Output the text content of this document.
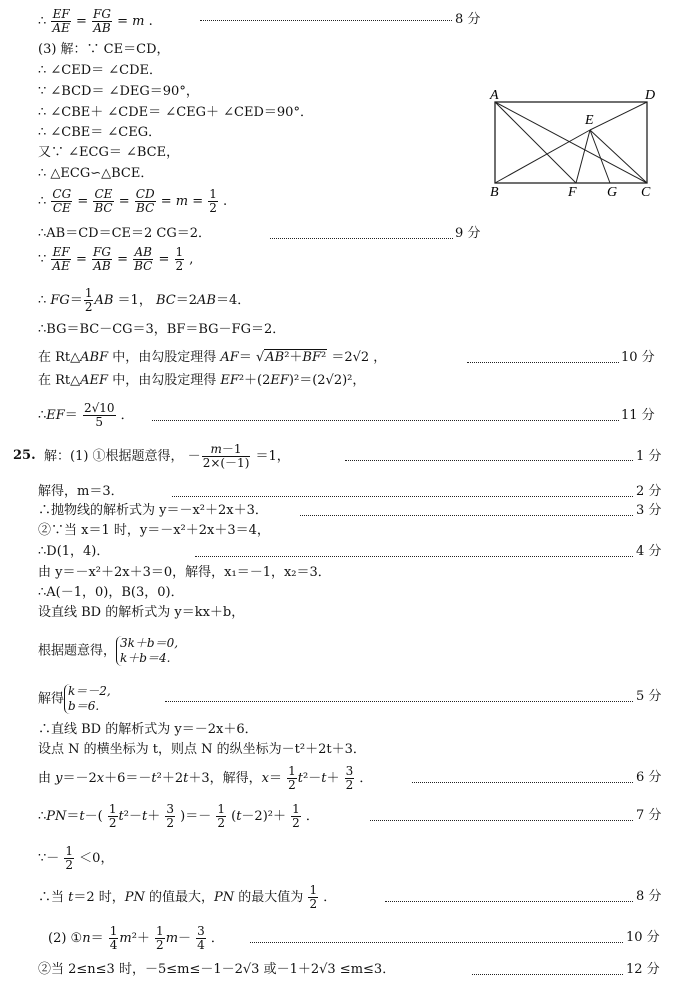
∴ $\frac{EF}{AE} = \frac{FG}{AB} = m$ .	8 分
(3) 解：∵ CE＝CD，
∴ ∠CED＝ ∠CDE．
∵ ∠BCD＝ ∠DEG＝90°，
∴ ∠CBE＋ ∠CDE＝ ∠CEG＋ ∠CED＝90°．
∴ ∠CBE＝ ∠CEG．
又∵ ∠ECG＝ ∠BCE，
∴ △ECG∽△BCE．
A	D
E
B	F G C
∴ $\frac{CG}{CE} = \frac{CE}{BC} = \frac{CD}{BC} = m = \frac{1}{2}$ .
∴AB＝CD＝CE＝2 CG＝2．	9 分
∵ $\frac{EF}{AE} = \frac{FG}{AB} = \frac{AB}{BC} = \frac{1}{2}$ ,
∴ $FG= \frac{1}{2}$ AB ＝1， BC＝2AB＝4．
∴BG＝BC－CG＝3，BF＝BG－FG＝2．
在 Rt△ABF 中，由勾股定理得 AF＝ √AB²＋BF² ＝2√2 ，	10 分
在 Rt△AEF 中，由勾股定理得 EF²＋(2EF)²＝(2√2)²，
∴EF＝ $\frac{2√10}{5}$ ．	11 分
25. 解：(1) ①根据题意得， － $\frac{m-1}{2\times(-1)} =1$，	1 分
解得，m＝3．	2 分
∴抛物线的解析式为 y＝－x²＋2x＋3．	3 分
②∵当 x＝1 时，y＝－x²＋2x＋3＝4，
∴D(1，4)．	4 分
由 y＝－x²＋2x＋3＝0，解得，x₁＝－1，x₂＝3．
∴A(－1，0)，B(3，0)．
设直线 BD 的解析式为 y＝kx＋b，
根据题意得，3k＋b＝0,
k＋b＝4.
解得k＝－2,
b＝6.
5 分
∴直线 BD 的解析式为 y＝－2x＋6．
设点 N 的横坐标为 t，则点 N 的纵坐标为－t²＋2t＋3．
由 y＝－2x＋6＝－t²＋2t＋3，解得，$x= \frac{1}{2} t^2-t+ \frac{3}{2}$ ．	6 分
∴PN＝t－( $\frac{1}{2} t^2-t+ \frac{3}{2}$ )＝－ $\frac{1}{2} (t-2)^2+ \frac{1}{2}$ ．	7 分
∵－ $\frac{1}{2} <0$，
∴当 t＝2 时，PN 的值最大，PN 的最大值为 $\frac{1}{2}$ ．	8 分
(2) ①n＝ $\frac{1}{4} m^2+ \frac{1}{2} m- \frac{3}{4}$ ．	10 分
②当 2≤n≤3 时，－5≤m≤－1－2√3 或－1＋2√3 ≤m≤3．	12 分
